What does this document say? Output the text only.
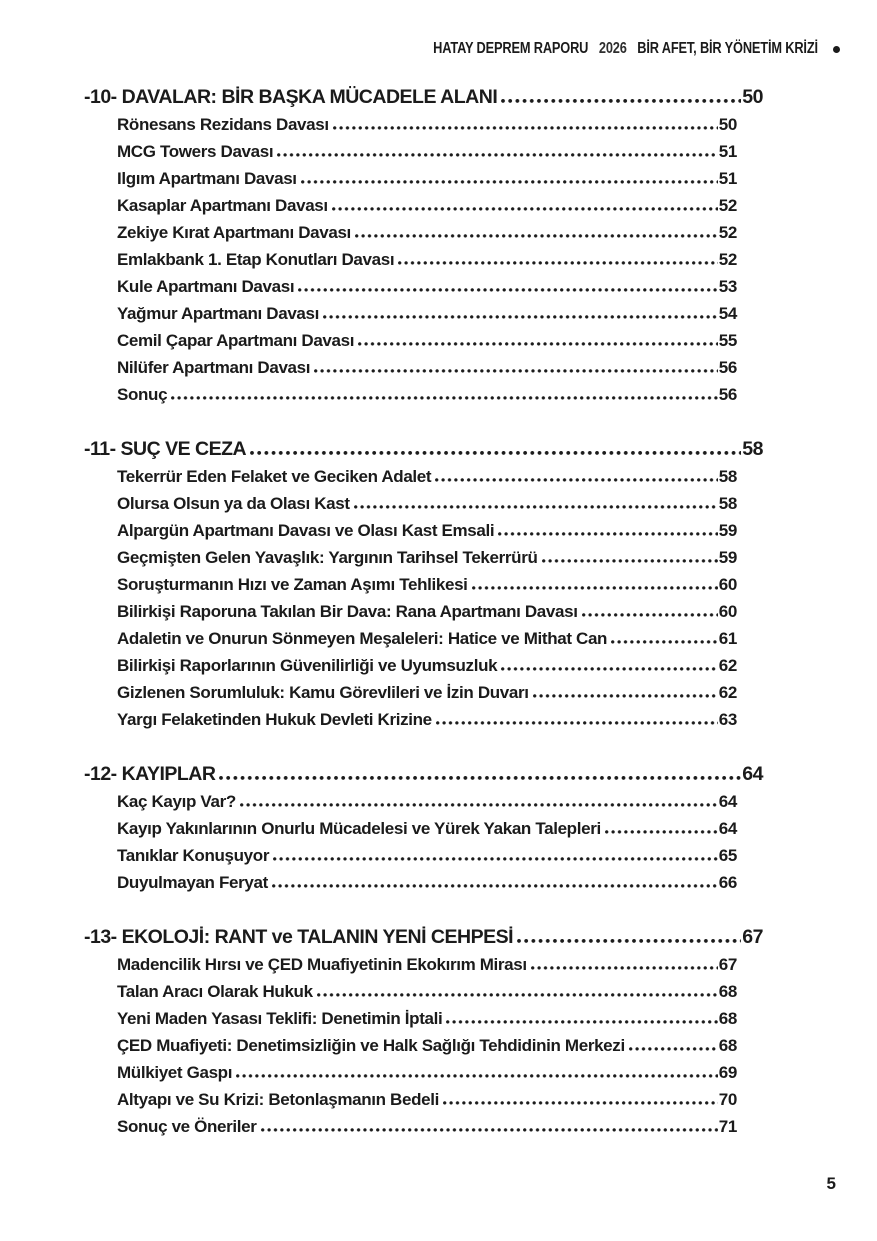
HATAY DEPREM RAPORU 2026 BİR AFET, BİR YÖNETİM KRİZİ
-10- DAVALAR: BİR BAŞKA MÜCADELE ALANI	50
Rönesans Rezidans Davası	50
MCG Towers Davası	51
Ilgım Apartmanı Davası	51
Kasaplar Apartmanı Davası	52
Zekiye Kırat Apartmanı Davası	52
Emlakbank 1. Etap Konutları Davası	52
Kule Apartmanı Davası	53
Yağmur Apartmanı Davası	54
Cemil Çapar Apartmanı Davası	55
Nilüfer Apartmanı Davası	56
Sonuç	56
-11- SUÇ VE CEZA	58
Tekerrür Eden Felaket ve Geciken Adalet	58
Olursa Olsun ya da Olası Kast	58
Alpargün Apartmanı Davası ve Olası Kast Emsali	59
Geçmişten Gelen Yavaşlık: Yargının Tarihsel Tekerrürü	59
Soruşturmanın Hızı ve Zaman Aşımı Tehlikesi	60
Bilirkişi Raporuna Takılan Bir Dava: Rana Apartmanı Davası	60
Adaletin ve Onurun Sönmeyen Meşaleleri: Hatice ve Mithat Can	61
Bilirkişi Raporlarının Güvenilirliği ve Uyumsuzluk	62
Gizlenen Sorumluluk: Kamu Görevlileri ve İzin Duvarı	62
Yargı Felaketinden Hukuk Devleti Krizine	63
-12- KAYIPLAR	64
Kaç Kayıp Var?	64
Kayıp Yakınlarının Onurlu Mücadelesi ve Yürek Yakan Talepleri	64
Tanıklar Konuşuyor	65
Duyulmayan Feryat	66
-13- EKOLOJİ: RANT ve TALANIN YENİ CEHPESİ	67
Madencilik Hırsı ve ÇED Muafiyetinin Ekokırım Mirası	67
Talan Aracı Olarak Hukuk	68
Yeni Maden Yasası Teklifi: Denetimin İptali	68
ÇED Muafiyeti: Denetimsizliğin ve Halk Sağlığı Tehdidinin Merkezi	68
Mülkiyet Gaspı	69
Altyapı ve Su Krizi: Betonlaşmanın Bedeli	70
Sonuç ve Öneriler	71
5
